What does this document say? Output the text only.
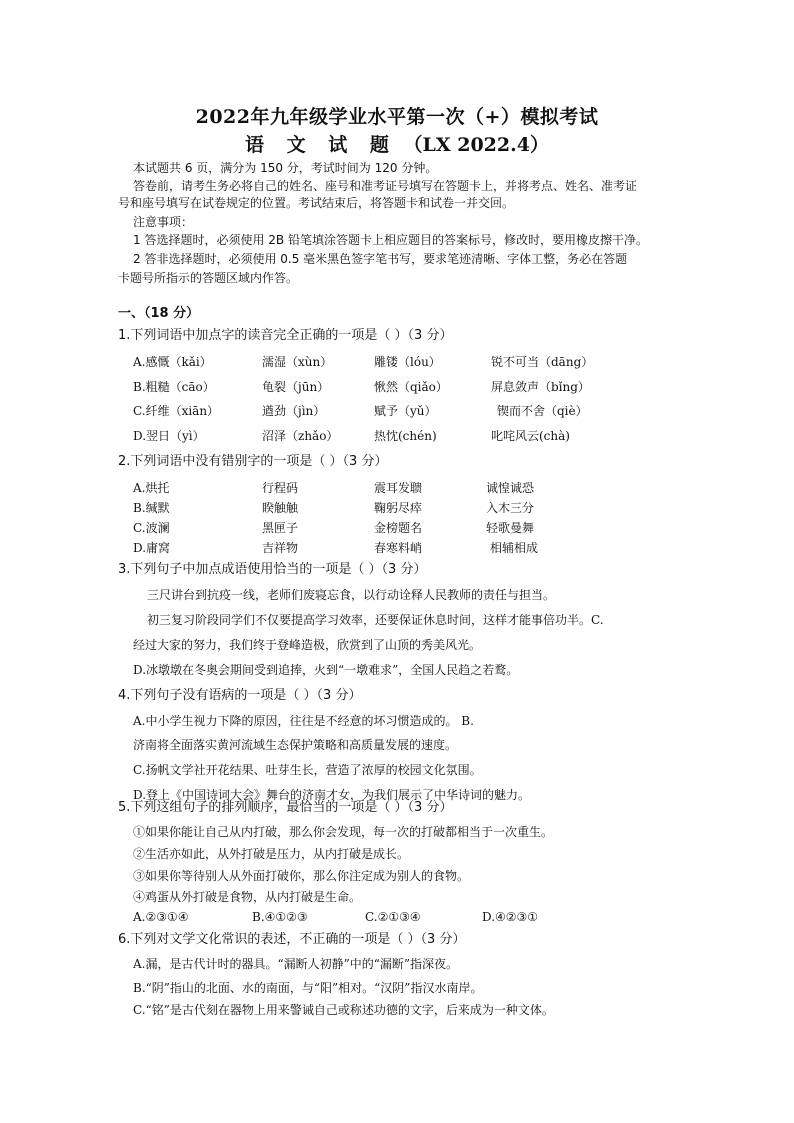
2022年九年级学业水平第一次（+）模拟考试
语 文 试 题 （LX 2022.4）
本试题共 6 页，满分为 150 分，考试时间为 120 分钟。
答卷前，请考生务必将自己的姓名、座号和准考证号填写在答题卡上，并将考点、姓名、准考证
号和座号填写在试卷规定的位置。考试结束后，将答题卡和试卷一并交回。
注意事项：
1 答选择题时，必须使用 2B 铅笔填涂答题卡上相应题目的答案标号，修改时，要用橡皮擦干净。
2 答非选择题时，必须使用 0.5 毫米黑色签字笔书写，要求笔迹清晰、字体工整，务必在答题
卡题号所指示的答题区域内作答。
一、（18 分）
1.下列词语中加点字的读音完全正确的一项是（ ）（3 分）
A.感慨（kǎi）	濡湿（xùn）	雕镂（lóu）	锐不可当（dāng）
B.粗糙（cāo）	龟裂（jūn）	愀然（qiǎo）	屏息敛声（bǐng）
C.纤维（xiān）	遒劲（jìn）	赋予（yǔ）	锲而不舍（qiè）
D.翌日（yì）	沼泽（zhǎo）	热忱(chén)	叱咤风云(chà)
2.下列词语中没有错别字的一项是（ ）（3 分）
A.烘托	行程码	震耳发聩	诚惶诚恐
B.缄默	睽触触	鞠躬尽瘁	入木三分
C.波澜	黑匣子	金榜题名	轻歌曼舞
D.庸窝	吉祥物	春寒料峭	相辅相成
3.下列句子中加点成语使用恰当的一项是（ ）（3 分）
三尺讲台到抗疫一线，老师们废寝忘食，以行动诠释人民教师的责任与担当。
初三复习阶段同学们不仅要提高学习效率，还要保证休息时间，这样才能事倍功半。C.
经过大家的努力，我们终于登峰造极，欣赏到了山顶的秀美风光。
D.冰墩墩在冬奥会期间受到追捧，火到“一墩难求”，全国人民趋之若鹜。
4.下列句子没有语病的一项是（ ）（3 分）
A.中小学生视力下降的原因，往往是不经意的坏习惯造成的。 B.
济南将全面落实黄河流域生态保护策略和高质量发展的速度。
C.扬帆文学社开花结果、吐芽生长，营造了浓厚的校园文化氛围。
D.登上《中国诗词大会》舞台的济南才女，为我们展示了中华诗词的魅力。
5.下列这组句子的排列顺序，最恰当的一项是（ ）（3 分）
①如果你能让自己从内打破，那么你会发现，每一次的打破都相当于一次重生。
②生活亦如此，从外打破是压力，从内打破是成长。
③如果你等待别人从外面打破你，那么你注定成为别人的食物。
④鸡蛋从外打破是食物，从内打破是生命。
A.②③①④	B.④①②③	C.②①③④	D.④②③①
6.下列对文学文化常识的表述，不正确的一项是（ ）（3 分）
A.漏，是古代计时的器具。“漏断人初静”中的“漏断”指深夜。
B.“阴”指山的北面、水的南面，与“阳”相对。“汉阴”指汉水南岸。
C.“铭”是古代刻在器物上用来警诫自己或称述功德的文字，后来成为一种文体。
